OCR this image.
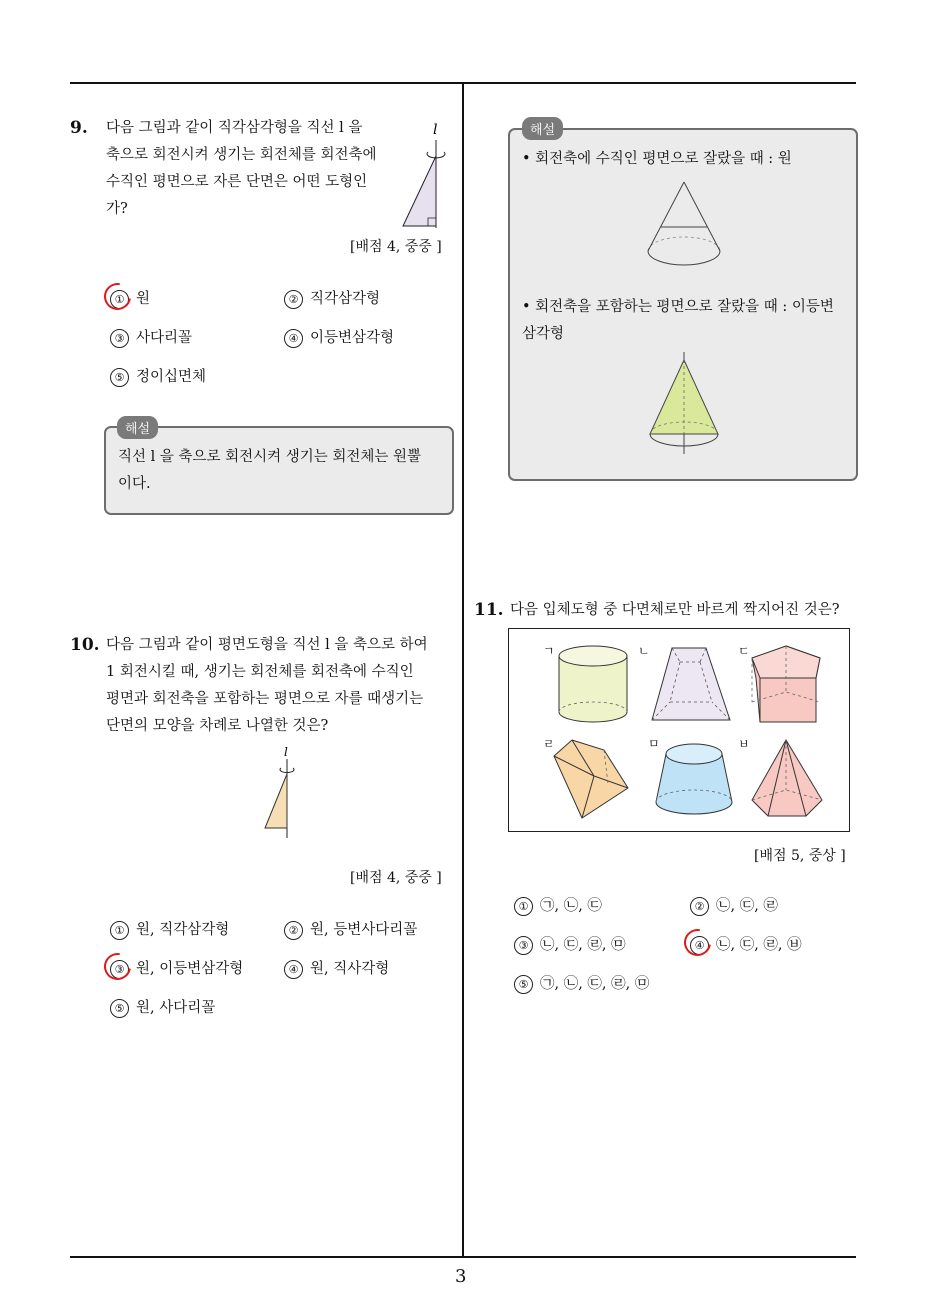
3
9. 다음 그림과 같이 직각삼각형을 직선 l 을
축으로 회전시켜 생기는 회전체를 회전축에
수직인 평면으로 자른 단면은 어떤 도형인
가?
l
[배점 4, 중중 ]
① 원	② 직각삼각형
③ 사다리꼴	④ 이등변삼각형
⑤ 정이십면체
해설
직선 l 을 축으로 회전시켜 생기는 회전체는 원뿔
이다.
해설
• 회전축에 수직인 평면으로 잘랐을 때 : 원
• 회전축을 포함하는 평면으로 잘랐을 때 : 이등변
삼각형
10. 다음 그림과 같이 평면도형을 직선 l 을 축으로 하여
1 회전시킬 때, 생기는 회전체를 회전축에 수직인
평면과 회전축을 포함하는 평면으로 자를 때생기는
단면의 모양을 차례로 나열한 것은?
l
[배점 4, 중중 ]
① 원, 직각삼각형	② 원, 등변사다리꼴
③ 원, 이등변삼각형	④ 원, 직사각형
⑤ 원, 사다리꼴
11. 다음 입체도형 중 다면체로만 바르게 짝지어진 것은?
ㄱ	ㄴ	ㄷ
ㄹ	ㅁ	ㅂ
[배점 5, 중상 ]
① ㉠, ㉡, ㉢	② ㉡, ㉢, ㉣
③ ㉡, ㉢, ㉣, ㉤	④ ㉡, ㉢, ㉣, ㉥
⑤ ㉠, ㉡, ㉢, ㉣, ㉤
